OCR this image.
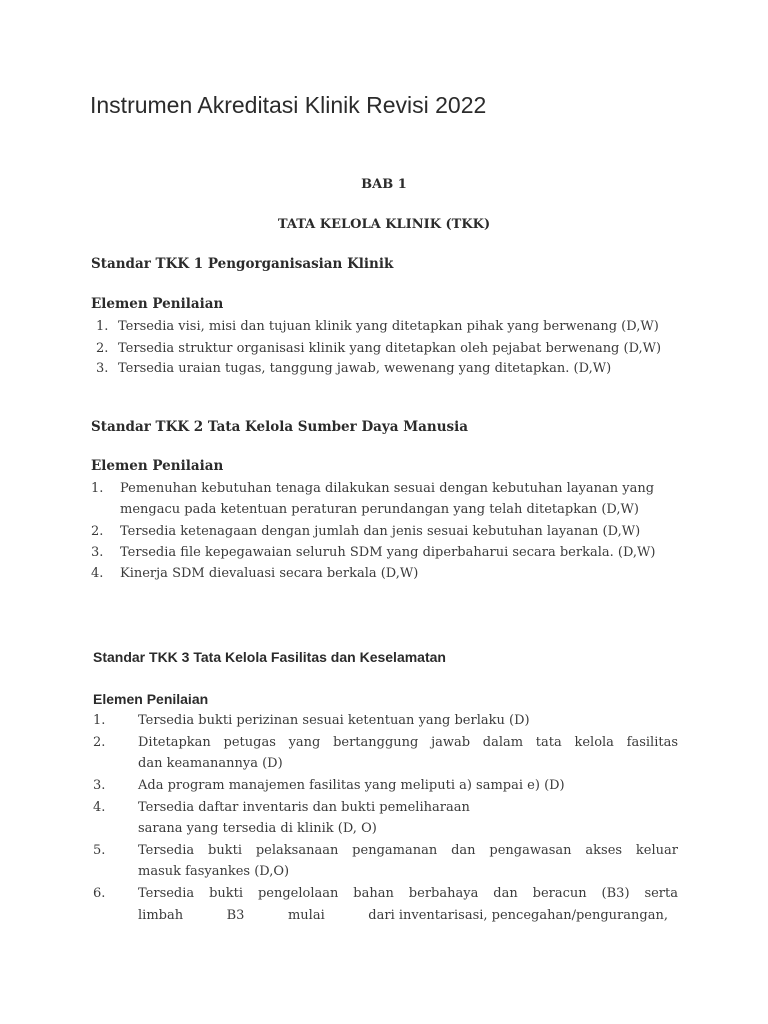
Instrumen Akreditasi Klinik Revisi 2022
BAB 1
TATA KELOLA KLINIK (TKK)
Standar TKK 1 Pengorganisasian Klinik
Elemen Penilaian
1. Tersedia visi, misi dan tujuan klinik yang ditetapkan pihak yang berwenang (D,W)
2. Tersedia struktur organisasi klinik yang ditetapkan oleh pejabat berwenang (D,W)
3. Tersedia uraian tugas, tanggung jawab, wewenang yang ditetapkan. (D,W)
Standar TKK 2 Tata Kelola Sumber Daya Manusia
Elemen Penilaian
1. Pemenuhan kebutuhan tenaga dilakukan sesuai dengan kebutuhan layanan yang
mengacu pada ketentuan peraturan perundangan yang telah ditetapkan (D,W)
2. Tersedia ketenagaan dengan jumlah dan jenis sesuai kebutuhan layanan (D,W)
3. Tersedia file kepegawaian seluruh SDM yang diperbaharui secara berkala. (D,W)
4. Kinerja SDM dievaluasi secara berkala (D,W)
Standar TKK 3 Tata Kelola Fasilitas dan Keselamatan
Elemen Penilaian
1.	Tersedia bukti perizinan sesuai ketentuan yang berlaku (D)
2.	Ditetapkan petugas yang bertanggung jawab dalam tata kelola fasilitas
dan keamanannya (D)
3.	Ada program manajemen fasilitas yang meliputi a) sampai e) (D)
4.	Tersedia daftar inventaris dan bukti pemeliharaan
sarana yang tersedia di klinik (D, O)
5.	Tersedia bukti pelaksanaan pengamanan dan pengawasan akses keluar
masuk fasyankes (D,O)
6.	Tersedia bukti pengelolaan bahan berbahaya dan beracun (B3) serta
limbah	B3	mulai	dari inventarisasi, pencegahan/pengurangan,
